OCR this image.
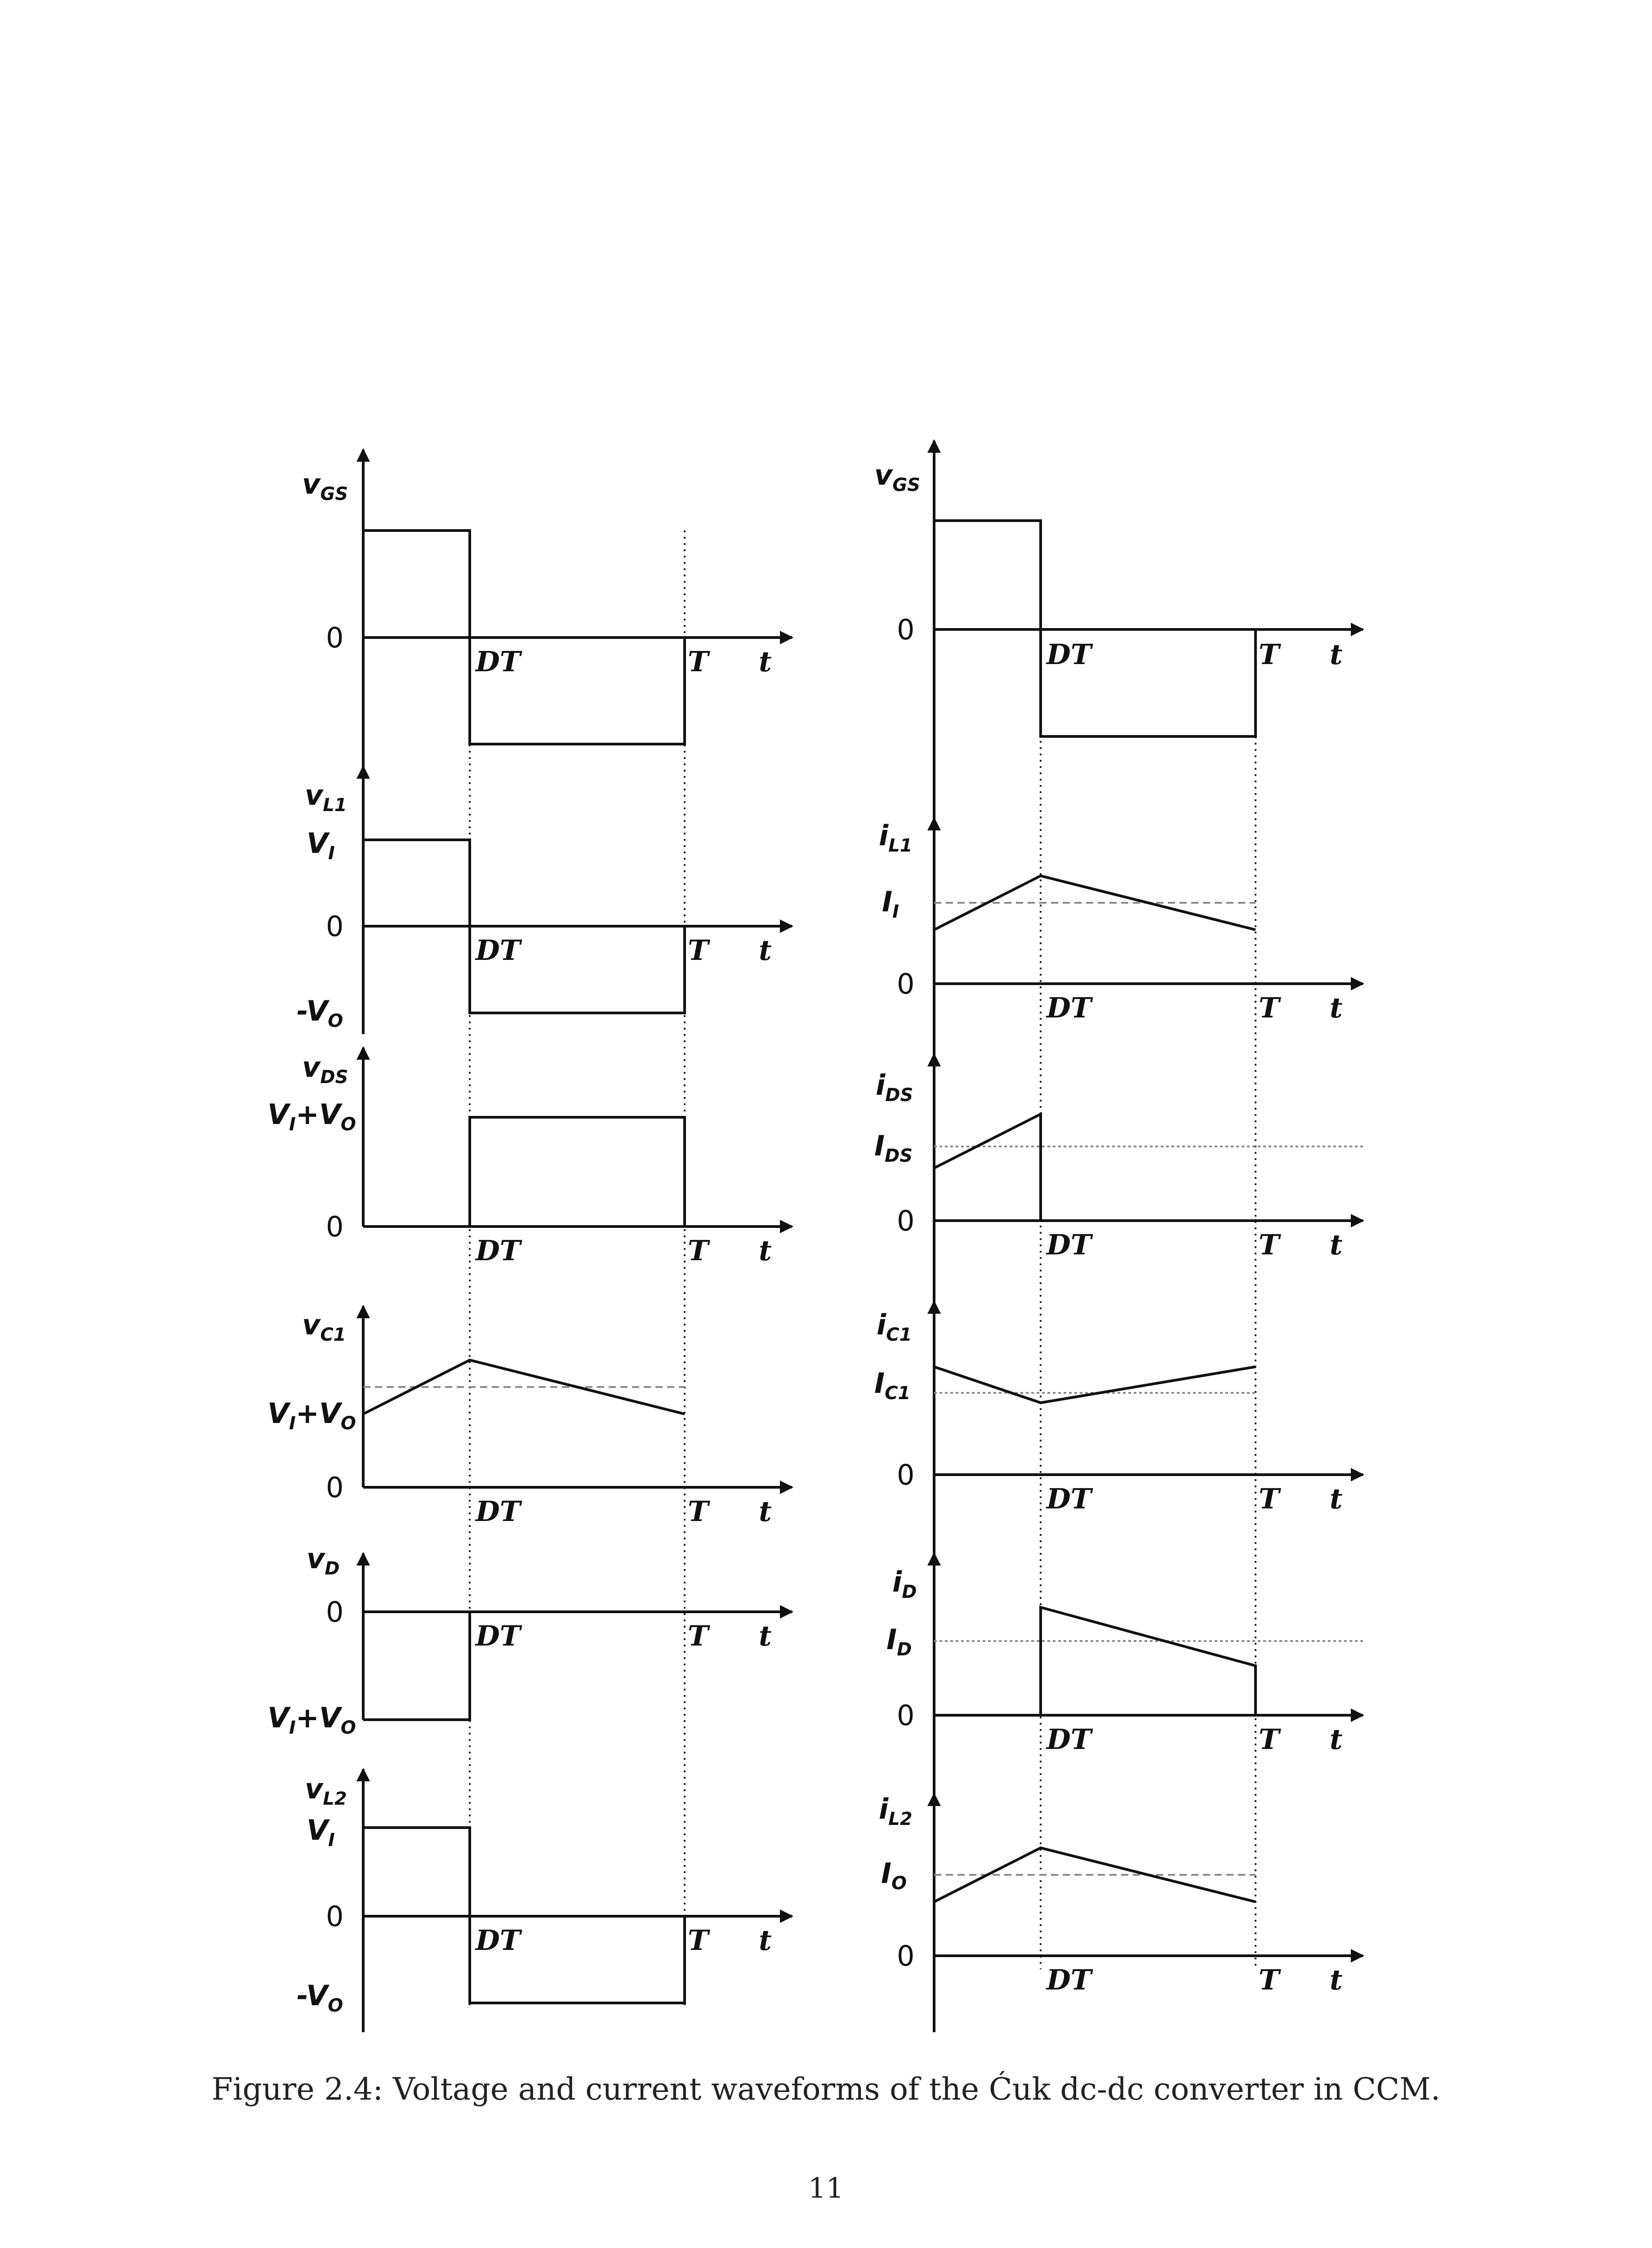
$v_{GS}$
0
DT	T t
$v_{L1}$
$V_I$
0
$-V_O$
DT	T t
$v_{DS}$
$V_I+V_O$
0
DT	T t
$v_{C1}$
$V_I+V_O$
0
DT	T t
$v_D$
0
$V_I+V_O$
DT	T t
$v_{L2}$
$V_I$
0
$-V_O$
DT	T t
$v_{GS}$
0
DT	T t
$i_{L1}$
$I_I$
0
DT	T t
$i_{DS}$
$I_{DS}$
0
DT	T t
$i_{C1}$
$I_{C1}$
0
DT	T t
$i_D$
$I_D$
0
DT	T t
$i_{L2}$
$I_O$
0
DT	T t
Figure 2.4: Voltage and current waveforms of the Ćuk dc-dc converter in CCM.
11
